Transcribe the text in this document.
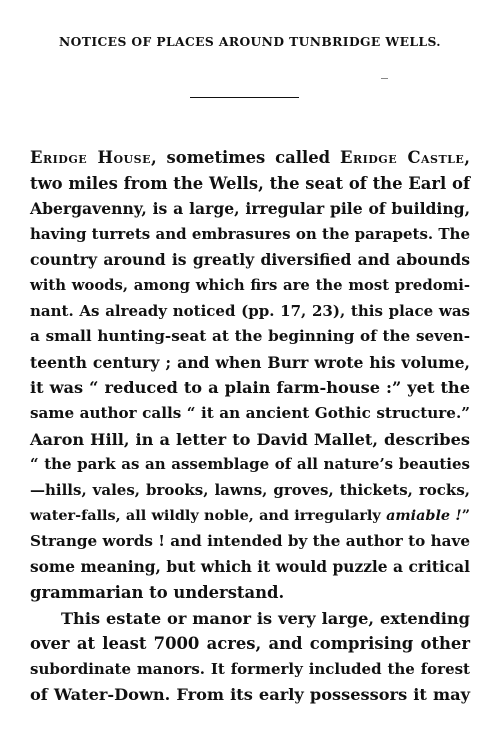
NOTICES OF PLACES AROUND TUNBRIDGE WELLS.
Eridge House, sometimes called Eridge Castle,
two miles from the Wells, the seat of the Earl of
Abergavenny, is a large, irregular pile of building,
having turrets and embrasures on the parapets. The
country around is greatly diversified and abounds
with woods, among which firs are the most predomi-
nant. As already noticed (pp. 17, 23), this place was
a small hunting-seat at the beginning of the seven-
teenth century ; and when Burr wrote his volume,
it was “ reduced to a plain farm-house :” yet the
same author calls “ it an ancient Gothic structure.”
Aaron Hill, in a letter to David Mallet, describes
“ the park as an assemblage of all nature’s beauties
—hills, vales, brooks, lawns, groves, thickets, rocks,
water-falls, all wildly noble, and irregularly amiable !”
Strange words ! and intended by the author to have
some meaning, but which it would puzzle a critical
grammarian to understand.
This estate or manor is very large, extending
over at least 7000 acres, and comprising other
subordinate manors. It formerly included the forest
of Water-Down. From its early possessors it may
